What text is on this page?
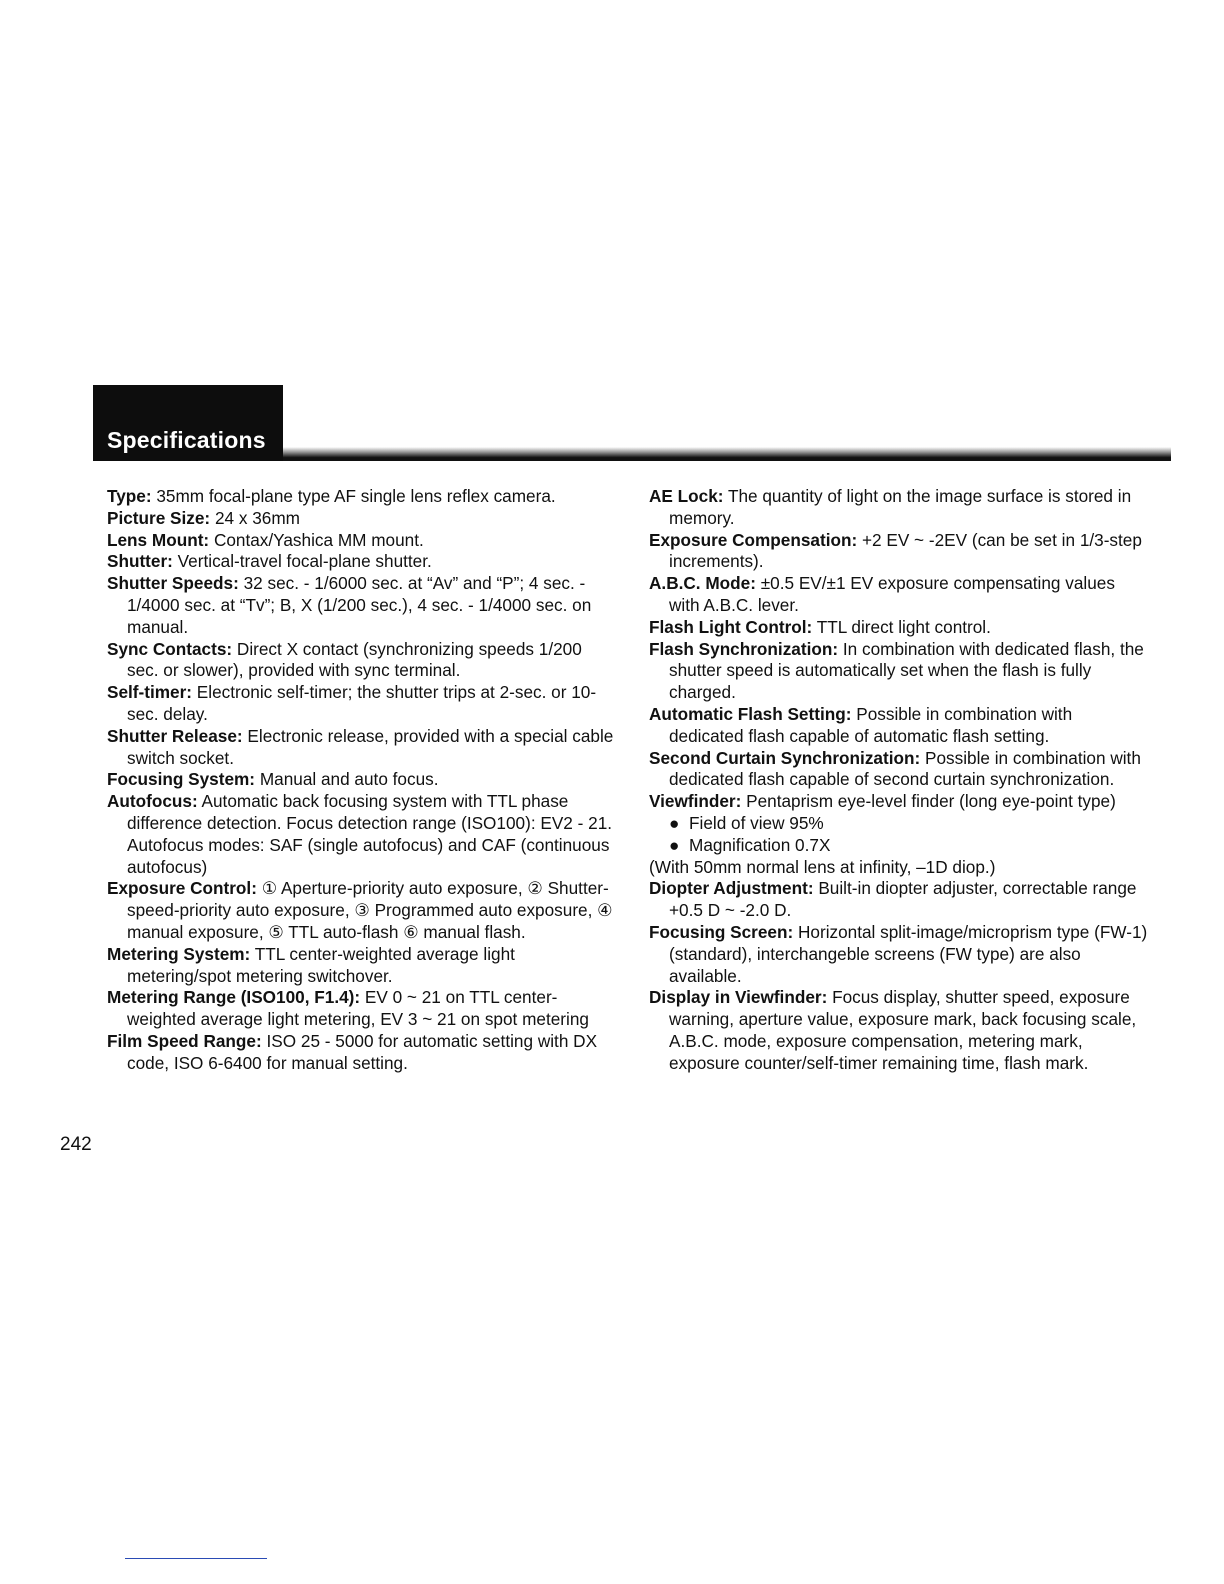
Specifications

Type: 35mm focal-plane type AF single lens reflex camera.

Picture Size: 24 x 36mm

Lens Mount: Contax/Yashica MM mount.

Shutter: Vertical-travel focal-plane shutter.

Shutter Speeds: 32 sec. - 1/6000 sec. at “Av” and “P”; 4 sec. - 1/4000 sec. at “Tv”; B, X (1/200 sec.), 4 sec. - 1/4000 sec. on manual.

Sync Contacts: Direct X contact (synchronizing speeds 1/200 sec. or slower), provided with sync terminal.

Self-timer: Electronic self-timer; the shutter trips at 2-sec. or 10-sec. delay.

Shutter Release: Electronic release, provided with a special cable switch socket.

Focusing System: Manual and auto focus.

Autofocus: Automatic back focusing system with TTL phase difference detection. Focus detection range (ISO100): EV2 - 21. Autofocus modes: SAF (single autofocus) and CAF (continuous autofocus)

Exposure Control: ① Aperture-priority auto exposure, ② Shutter-speed-priority auto exposure, ③ Programmed auto exposure, ④ manual exposure, ⑤ TTL auto-flash ⑥ manual flash.

Metering System: TTL center-weighted average light metering/spot metering switchover.

Metering Range (ISO100, F1.4): EV 0 ~ 21 on TTL center-weighted average light metering, EV 3 ~ 21 on spot metering

Film Speed Range: ISO 25 - 5000 for automatic setting with DX code, ISO 6-6400 for manual setting.

AE Lock: The quantity of light on the image surface is stored in memory.

Exposure Compensation: +2 EV ~ -2EV (can be set in 1/3-step increments).

A.B.C. Mode: ±0.5 EV/±1 EV exposure compensating values with A.B.C. lever.

Flash Light Control: TTL direct light control.

Flash Synchronization: In combination with dedicated flash, the shutter speed is automatically set when the flash is fully charged.

Automatic Flash Setting: Possible in combination with dedicated flash capable of automatic flash setting.

Second Curtain Synchronization: Possible in combination with dedicated flash capable of second curtain synchronization.

Viewfinder: Pentaprism eye-level finder (long eye-point type)

● Field of view 95%

● Magnification 0.7X

(With 50mm normal lens at infinity, –1D diop.)

Diopter Adjustment: Built-in diopter adjuster, correctable range +0.5 D ~ -2.0 D.

Focusing Screen: Horizontal split-image/microprism type (FW-1) (standard), interchangeble screens (FW type) are also available.

Display in Viewfinder: Focus display, shutter speed, exposure warning, aperture value, exposure mark, back focusing scale, A.B.C. mode, exposure compensation, metering mark, exposure counter/self-timer remaining time, flash mark.

242
